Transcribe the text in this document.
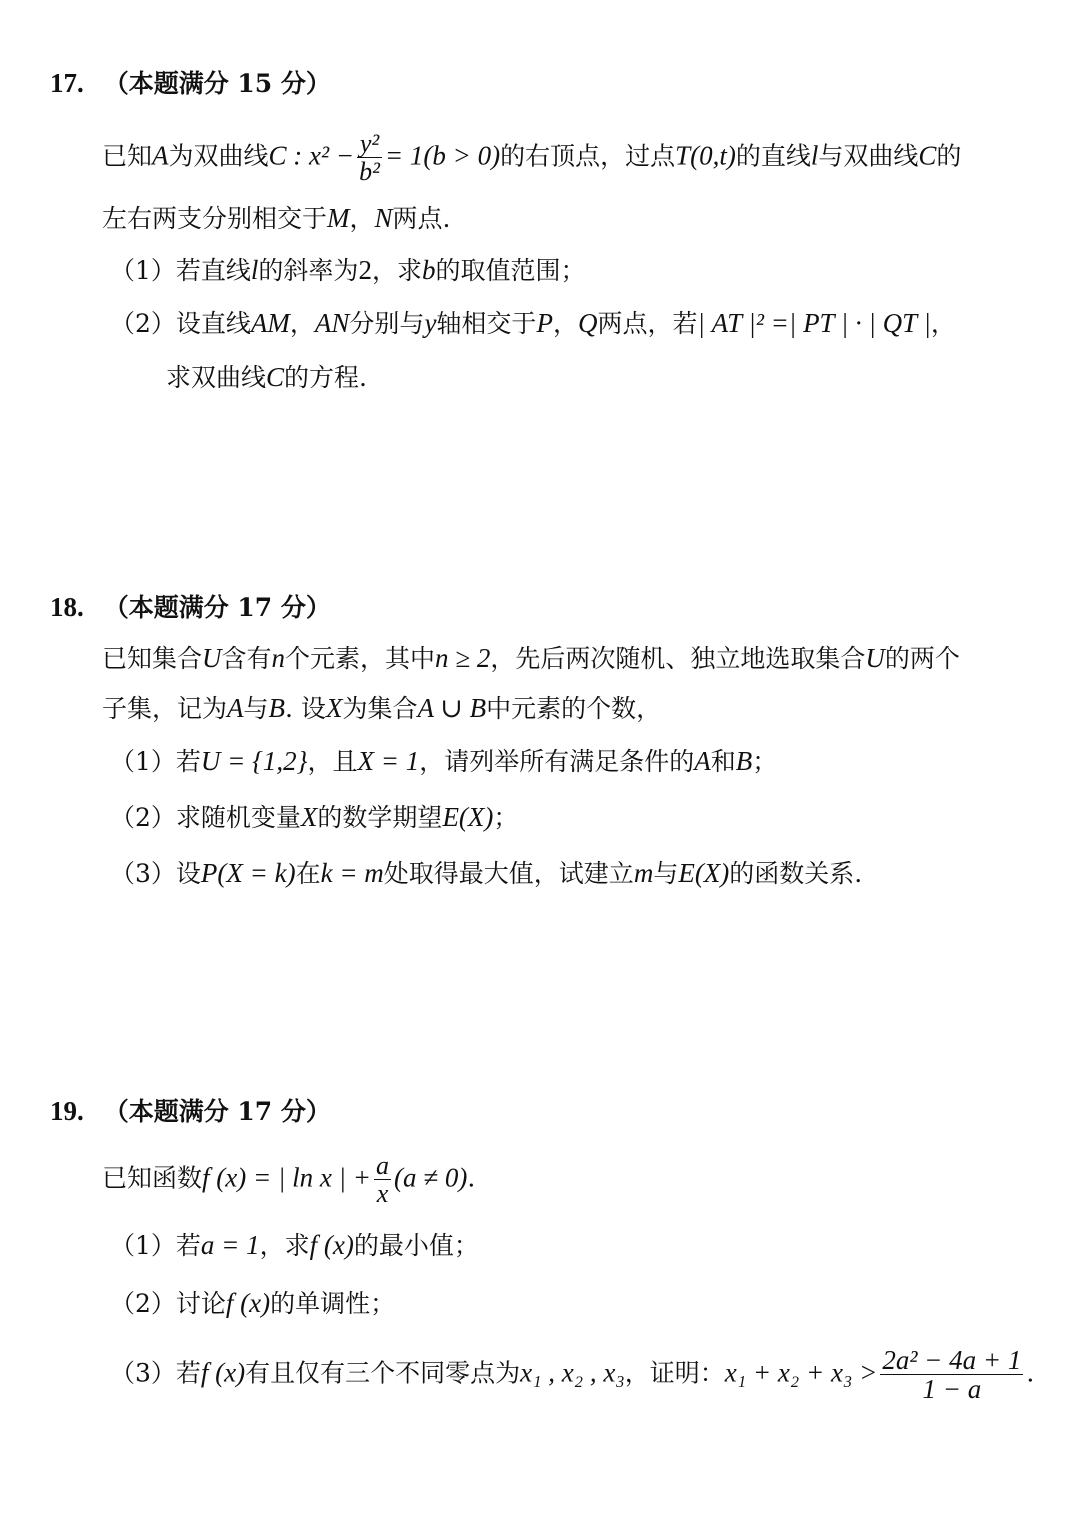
17. （本题满分 15 分）
已知A为双曲线C : $x^2 - \frac{\text{y²}}{\text{b²}} = 1(b > 0)$的右顶点，过点T(0,t)的直线l与双曲线C的
左右两支分别相交于M，N两点.
（1）若直线l的斜率为2，求b的取值范围；
（2）设直线AM，AN分别与y轴相交于P，Q两点，若| AT |² =| PT | · | QT |，
求双曲线C的方程.
18. （本题满分 17 分）
已知集合U含有n个元素，其中n ≥ 2，先后两次随机、独立地选取集合U的两个
子集，记为A与B. 设X为集合A ∪ B中元素的个数，
（1）若U = {1,2}，且X = 1，请列举所有满足条件的A和B；
（2）求随机变量X的数学期望E(X)；
（3）设P(X = k)在k = m处取得最大值，试建立m与E(X)的函数关系.
19. （本题满分 17 分）
已知函数f (x) = | ln x | + $\frac{a}{x} (a \ne 0)$.
（1）若a = 1，求f (x)的最小值；
（2）讨论f (x)的单调性；
（3）若f (x)有且仅有三个不同零点为x₁ , x₂ , x₃，证明：$x_1 + x_2 + x_3 > \frac{\text{2a² − 4a + 1}}{1 - a}$ .
